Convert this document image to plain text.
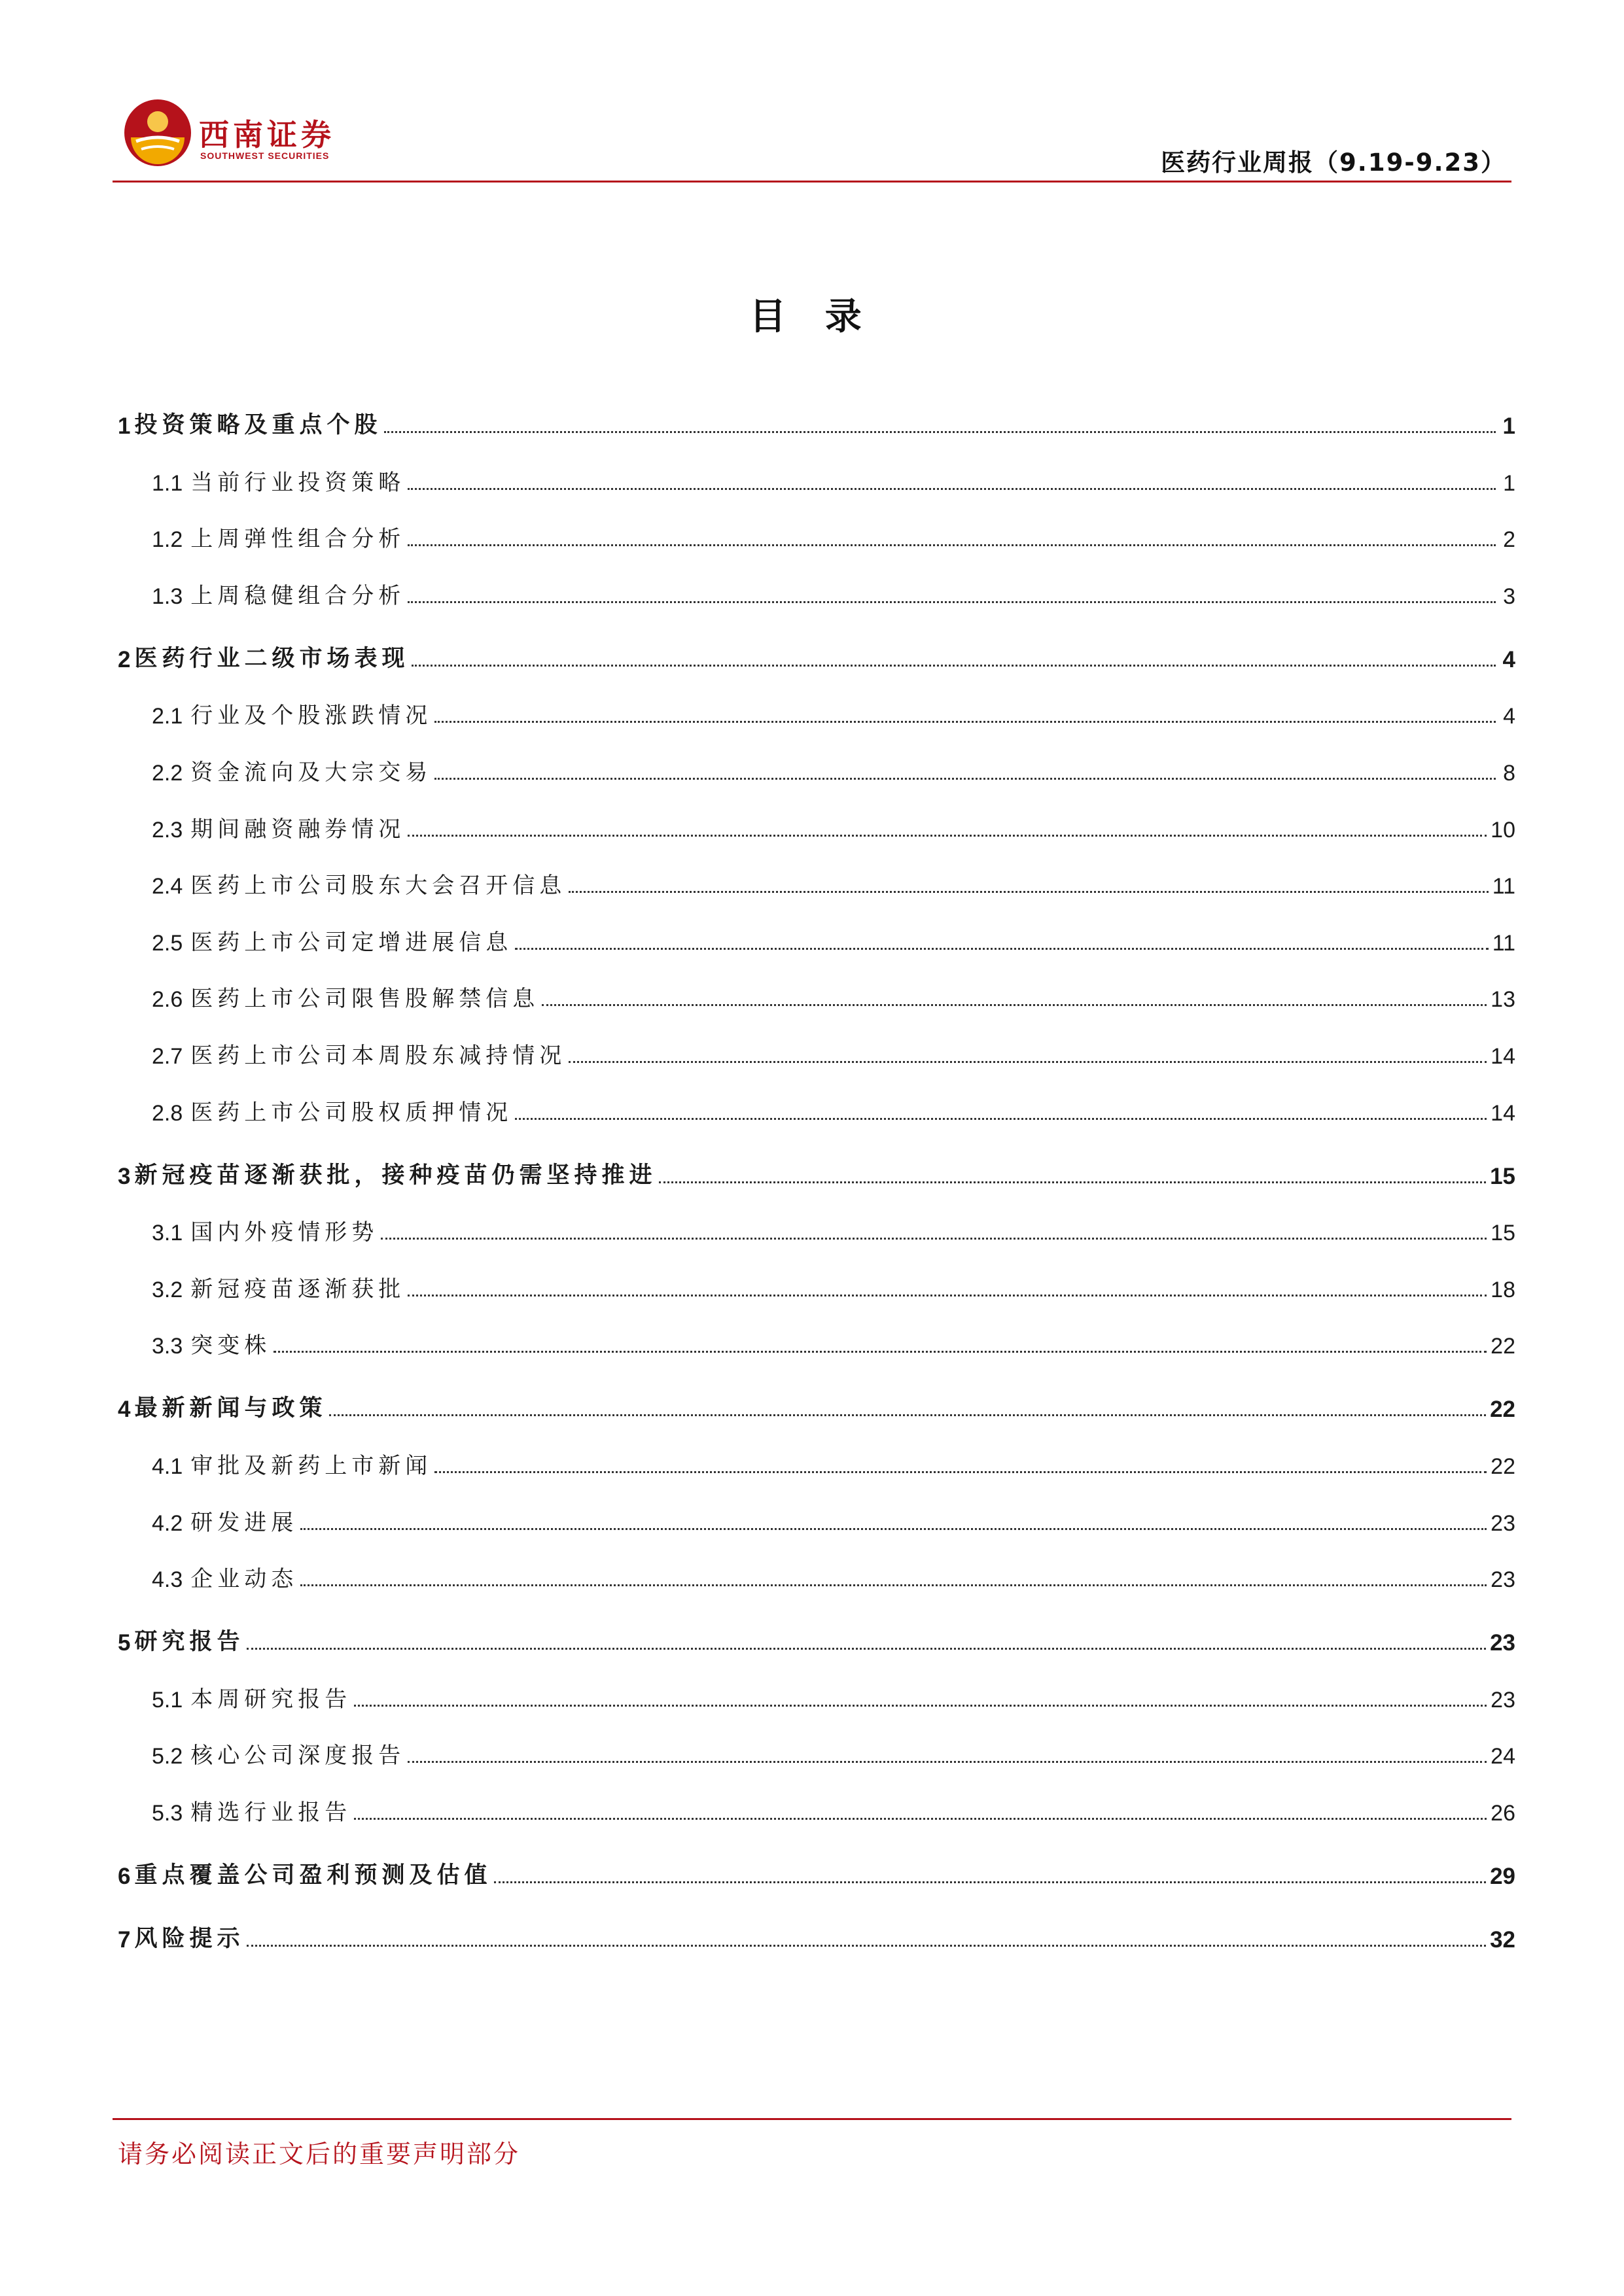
西南证券
SOUTHWEST SECURITIES	医药行业周报（9.19-9.23）
目 录
1 投资策略及重点个股	1
1.1 当前行业投资策略	1
1.2 上周弹性组合分析	2
1.3 上周稳健组合分析	3
2 医药行业二级市场表现	4
2.1 行业及个股涨跌情况	4
2.2 资金流向及大宗交易	8
2.3 期间融资融券情况	10
2.4 医药上市公司股东大会召开信息	11
2.5 医药上市公司定增进展信息	11
2.6 医药上市公司限售股解禁信息	13
2.7 医药上市公司本周股东减持情况	14
2.8 医药上市公司股权质押情况	14
3 新冠疫苗逐渐获批，接种疫苗仍需坚持推进	15
3.1 国内外疫情形势	15
3.2 新冠疫苗逐渐获批	18
3.3 突变株	22
4 最新新闻与政策	22
4.1 审批及新药上市新闻	22
4.2 研发进展	23
4.3 企业动态	23
5 研究报告	23
5.1 本周研究报告	23
5.2 核心公司深度报告	24
5.3 精选行业报告	26
6 重点覆盖公司盈利预测及估值	29
7 风险提示	32
请务必阅读正文后的重要声明部分
